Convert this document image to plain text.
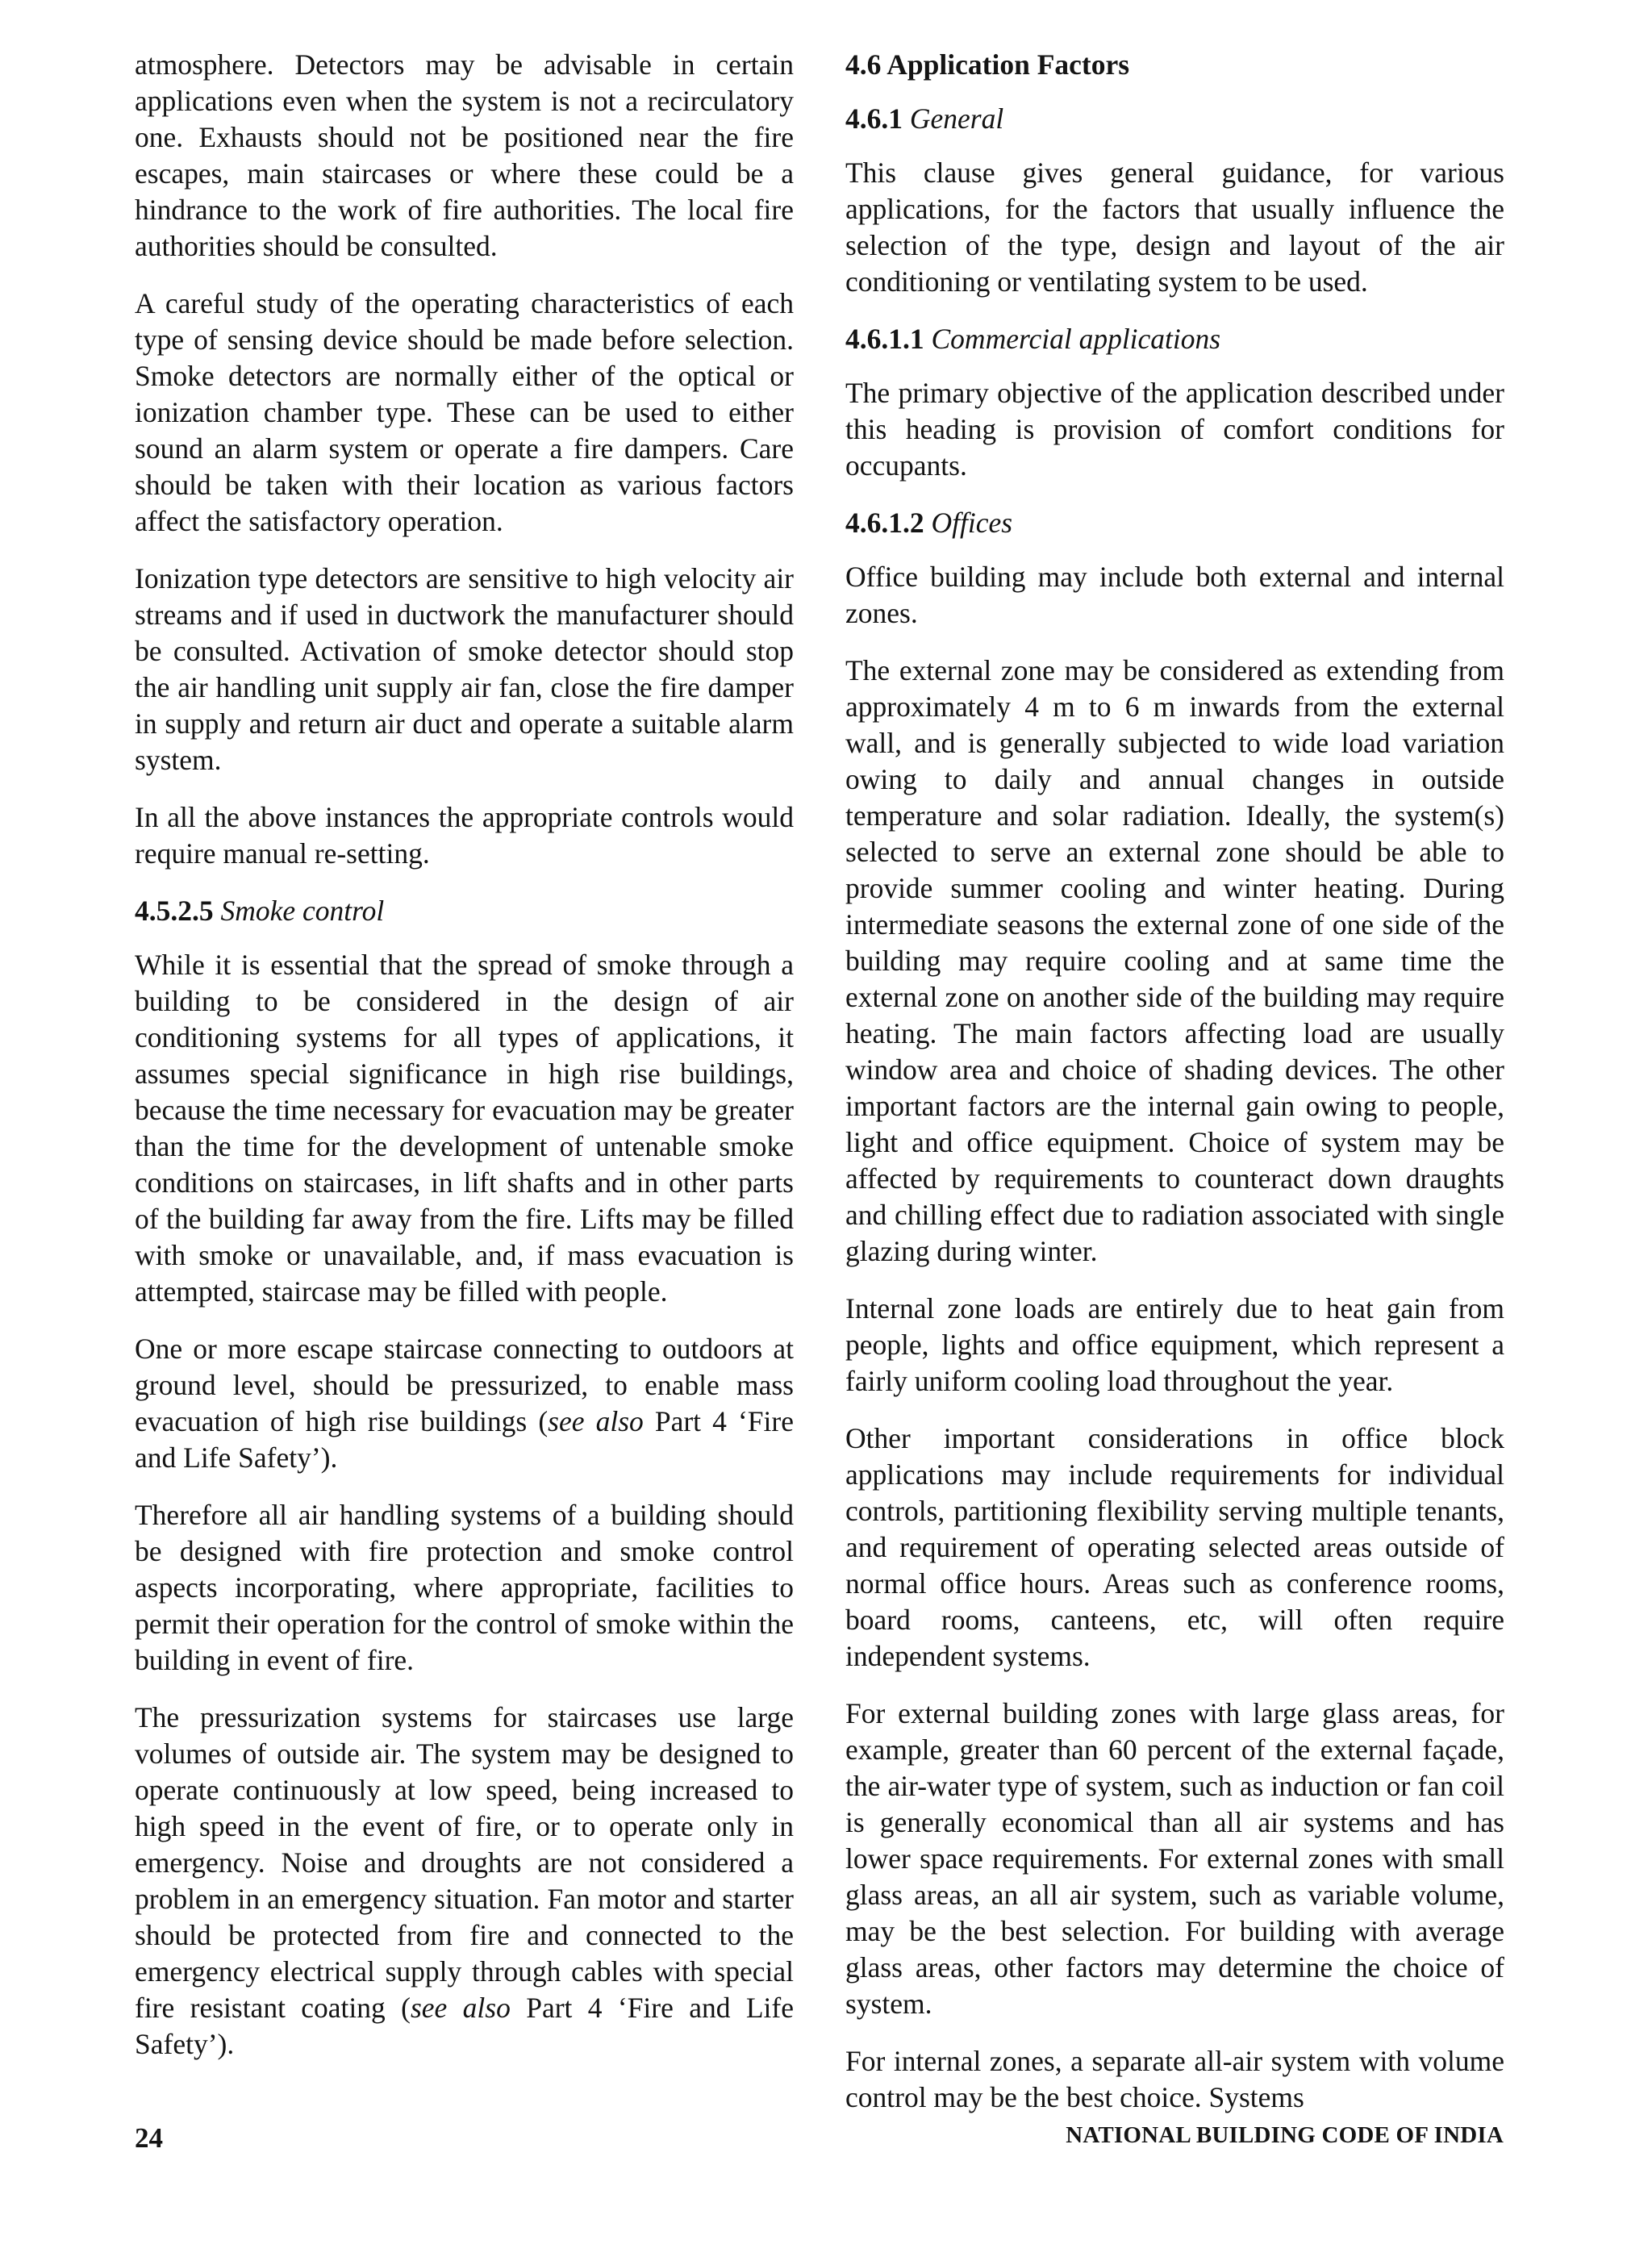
atmosphere. Detectors may be advisable in certain applications even when the system is not a recirculatory one. Exhausts should not be positioned near the fire escapes, main staircases or where these could be a hindrance to the work of fire authorities. The local fire authorities should be consulted.

A careful study of the operating characteristics of each type of sensing device should be made before selection. Smoke detectors are normally either of the optical or ionization chamber type. These can be used to either sound an alarm system or operate a fire dampers. Care should be taken with their location as various factors affect the satisfactory operation.

Ionization type detectors are sensitive to high velocity air streams and if used in ductwork the manufacturer should be consulted. Activation of smoke detector should stop the air handling unit supply air fan, close the fire damper in supply and return air duct and operate a suitable alarm system.

In all the above instances the appropriate controls would require manual re-setting.

4.5.2.5 Smoke control

While it is essential that the spread of smoke through a building to be considered in the design of air conditioning systems for all types of applications, it assumes special significance in high rise buildings, because the time necessary for evacuation may be greater than the time for the development of untenable smoke conditions on staircases, in lift shafts and in other parts of the building far away from the fire. Lifts may be filled with smoke or unavailable, and, if mass evacuation is attempted, staircase may be filled with people.

One or more escape staircase connecting to outdoors at ground level, should be pressurized, to enable mass evacuation of high rise buildings (see also Part 4 ‘Fire and Life Safety’).

Therefore all air handling systems of a building should be designed with fire protection and smoke control aspects incorporating, where appropriate, facilities to permit their operation for the control of smoke within the building in event of fire.

The pressurization systems for staircases use large volumes of outside air. The system may be designed to operate continuously at low speed, being increased to high speed in the event of fire, or to operate only in emergency. Noise and droughts are not considered a problem in an emergency situation. Fan motor and starter should be protected from fire and connected to the emergency electrical supply through cables with special fire resistant coating (see also Part 4 ‘Fire and Life Safety’).

4.6 Application Factors

4.6.1 General

This clause gives general guidance, for various applications, for the factors that usually influence the selection of the type, design and layout of the air conditioning or ventilating system to be used.

4.6.1.1 Commercial applications

The primary objective of the application described under this heading is provision of comfort conditions for occupants.

4.6.1.2 Offices

Office building may include both external and internal zones.

The external zone may be considered as extending from approximately 4 m to 6 m inwards from the external wall, and is generally subjected to wide load variation owing to daily and annual changes in outside temperature and solar radiation. Ideally, the system(s) selected to serve an external zone should be able to provide summer cooling and winter heating. During intermediate seasons the external zone of one side of the building may require cooling and at same time the external zone on another side of the building may require heating. The main factors affecting load are usually window area and choice of shading devices. The other important factors are the internal gain owing to people, light and office equipment. Choice of system may be affected by requirements to counteract down draughts and chilling effect due to radiation associated with single glazing during winter.

Internal zone loads are entirely due to heat gain from people, lights and office equipment, which represent a fairly uniform cooling load throughout the year.

Other important considerations in office block applications may include requirements for individual controls, partitioning flexibility serving multiple tenants, and requirement of operating selected areas outside of normal office hours. Areas such as conference rooms, board rooms, canteens, etc, will often require independent systems.

For external building zones with large glass areas, for example, greater than 60 percent of the external façade, the air-water type of system, such as induction or fan coil is generally economical than all air systems and has lower space requirements. For external zones with small glass areas, an all air system, such as variable volume, may be the best selection. For building with average glass areas, other factors may determine the choice of system.

For internal zones, a separate all-air system with volume control may be the best choice. Systems

24	NATIONAL BUILDING CODE OF INDIA
